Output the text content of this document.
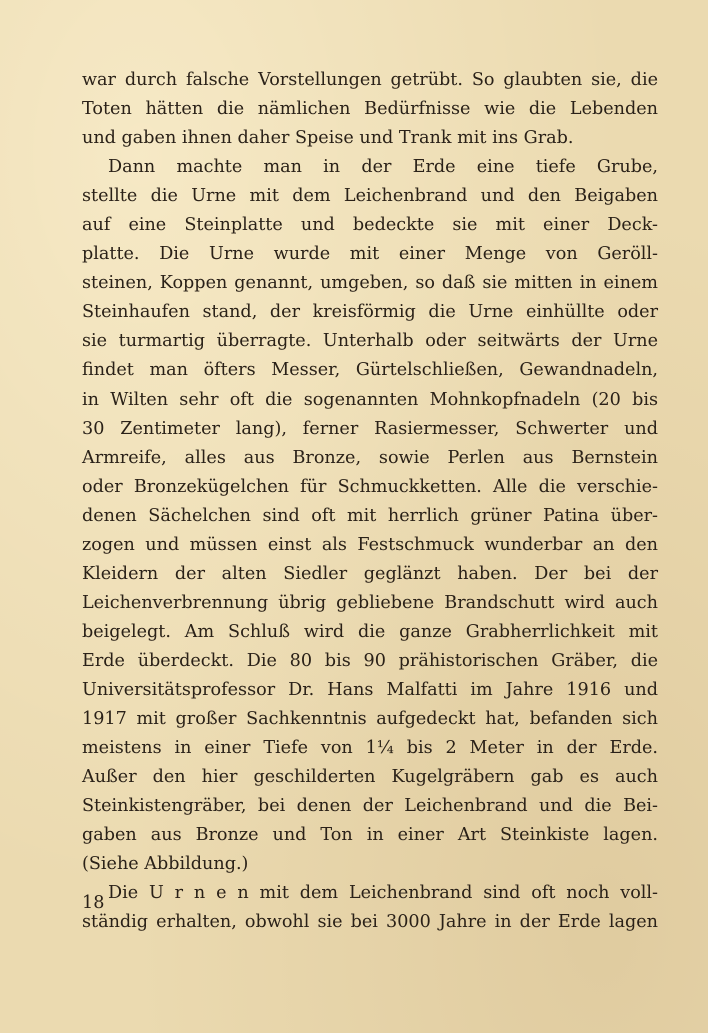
war durch falsche Vorstellungen getrübt. So glaubten sie, die
Toten hätten die nämlichen Bedürfnisse wie die Lebenden
und gaben ihnen daher Speise und Trank mit ins Grab.
Dann machte man in der Erde eine tiefe Grube,
stellte die Urne mit dem Leichenbrand und den Beigaben
auf eine Steinplatte und bedeckte sie mit einer Deck-
platte. Die Urne wurde mit einer Menge von Geröll-
steinen, Koppen genannt, umgeben, so daß sie mitten in einem
Steinhaufen stand, der kreisförmig die Urne einhüllte oder
sie turmartig überragte. Unterhalb oder seitwärts der Urne
findet man öfters Messer, Gürtelschließen, Gewandnadeln,
in Wilten sehr oft die sogenannten Mohnkopfnadeln (20 bis
30 Zentimeter lang), ferner Rasiermesser, Schwerter und
Armreife, alles aus Bronze, sowie Perlen aus Bernstein
oder Bronzekügelchen für Schmuckketten. Alle die verschie-
denen Sächelchen sind oft mit herrlich grüner Patina über-
zogen und müssen einst als Festschmuck wunderbar an den
Kleidern der alten Siedler geglänzt haben. Der bei der
Leichenverbrennung übrig gebliebene Brandschutt wird auch
beigelegt. Am Schluß wird die ganze Grabherrlichkeit mit
Erde überdeckt. Die 80 bis 90 prähistorischen Gräber, die
Universitätsprofessor Dr. Hans Malfatti im Jahre 1916 und
1917 mit großer Sachkenntnis aufgedeckt hat, befanden sich
meistens in einer Tiefe von 1¼ bis 2 Meter in der Erde.
Außer den hier geschilderten Kugelgräbern gab es auch
Steinkistengräber, bei denen der Leichenbrand und die Bei-
gaben aus Bronze und Ton in einer Art Steinkiste lagen.
(Siehe Abbildung.)
Die U r n e n mit dem Leichenbrand sind oft noch voll-
ständig erhalten, obwohl sie bei 3000 Jahre in der Erde lagen
18
